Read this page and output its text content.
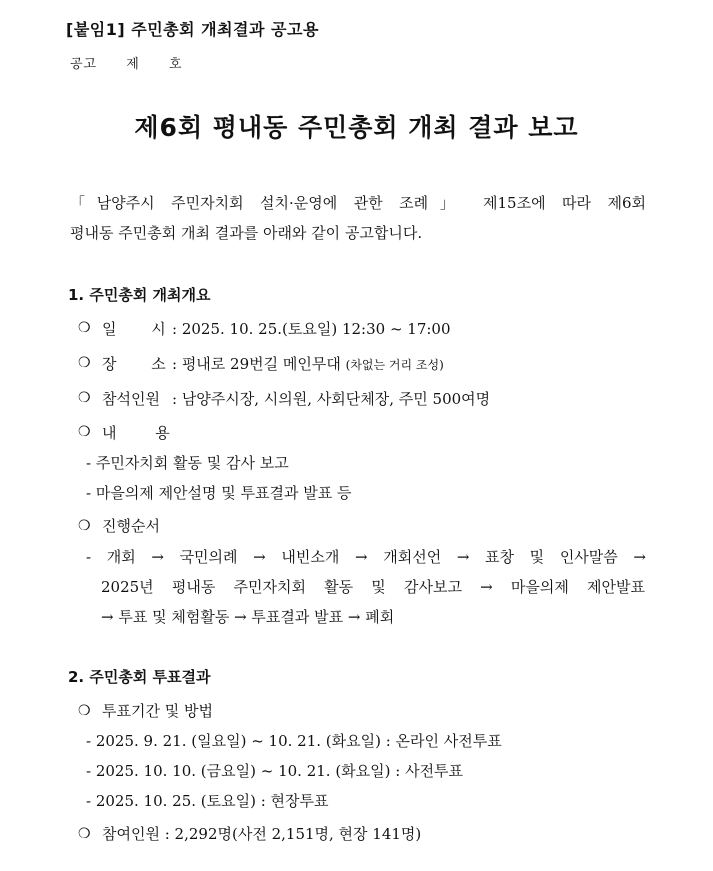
[붙임1] 주민총회 개최결과 공고용
공고 제 호
제6회 평내동 주민총회 개최 결과 보고
「남양주시 주민자치회 설치·운영에 관한 조례」 제15조에 따라 제6회
평내동 주민총회 개최 결과를 아래와 같이 공고합니다.
1. 주민총회 개최개요
❍ 일 시 : 2025. 10. 25.(토요일) 12:30 ~ 17:00
❍ 장 소 : 평내로 29번길 메인무대 (차없는 거리 조성)
❍ 참석인원 : 남양주시장, 시의원, 사회단체장, 주민 500여명
❍ 내 용
- 주민자치회 활동 및 감사 보고
- 마을의제 제안설명 및 투표결과 발표 등
❍ 진행순서
- 개회 → 국민의례 → 내빈소개 → 개회선언 → 표창 및 인사말씀 →
2025년 평내동 주민자치회 활동 및 감사보고 → 마을의제 제안발표
→ 투표 및 체험활동 → 투표결과 발표 → 폐회
2. 주민총회 투표결과
❍ 투표기간 및 방법
- 2025. 9. 21. (일요일) ~ 10. 21. (화요일) : 온라인 사전투표
- 2025. 10. 10. (금요일) ~ 10. 21. (화요일) : 사전투표
- 2025. 10. 25. (토요일) : 현장투표
❍ 참여인원 : 2,292명(사전 2,151명, 현장 141명)
